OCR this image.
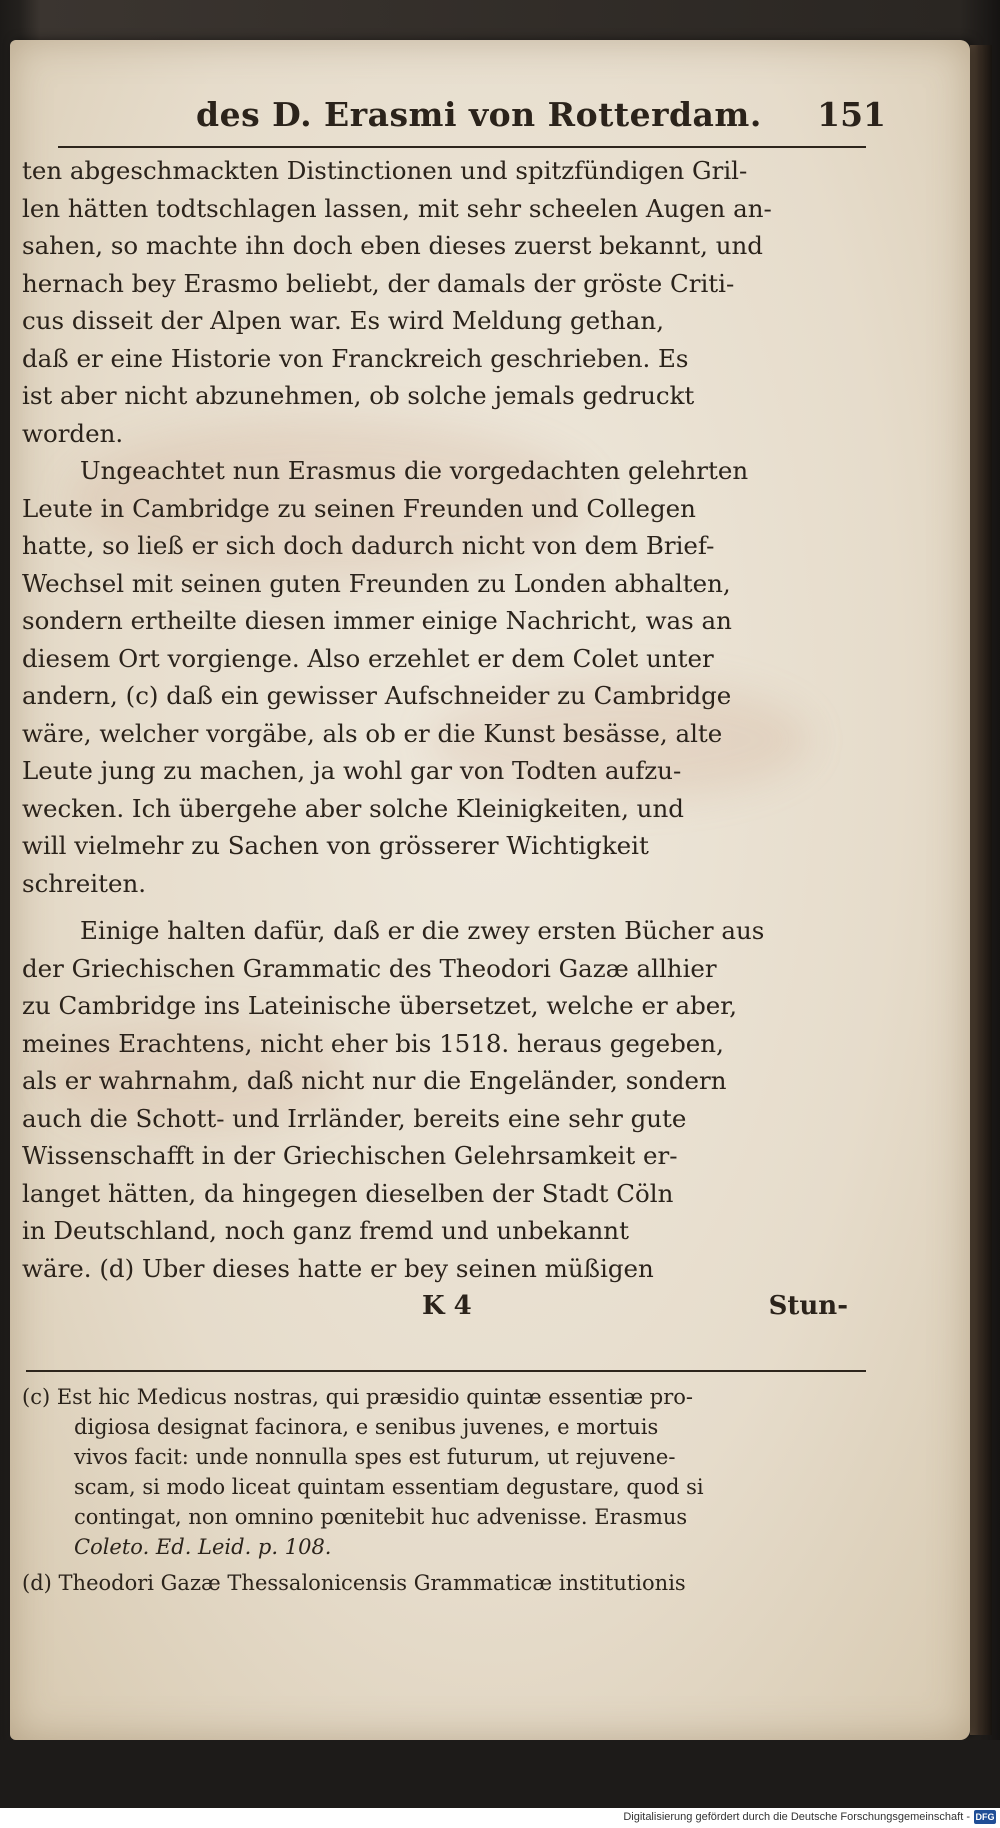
des D. Erasmi von Rotterdam. 151
ten abgeschmackten Distinctionen und spitzfündigen Gril-
len hätten todtschlagen lassen, mit sehr scheelen Augen an-
sahen, so machte ihn doch eben dieses zuerst bekannt, und
hernach bey Erasmo beliebt, der damals der gröste Criti-
cus disseit der Alpen war. Es wird Meldung gethan,
daß er eine Historie von Franckreich geschrieben. Es
ist aber nicht abzunehmen, ob solche jemals gedruckt
worden.
Ungeachtet nun Erasmus die vorgedachten gelehrten
Leute in Cambridge zu seinen Freunden und Collegen
hatte, so ließ er sich doch dadurch nicht von dem Brief-
Wechsel mit seinen guten Freunden zu Londen abhalten,
sondern ertheilte diesen immer einige Nachricht, was an
diesem Ort vorgienge. Also erzehlet er dem Colet unter
andern, (c) daß ein gewisser Aufschneider zu Cambridge
wäre, welcher vorgäbe, als ob er die Kunst besässe, alte
Leute jung zu machen, ja wohl gar von Todten aufzu-
wecken. Ich übergehe aber solche Kleinigkeiten, und
will vielmehr zu Sachen von grösserer Wichtigkeit
schreiten.
Einige halten dafür, daß er die zwey ersten Bücher aus
der Griechischen Grammatic des Theodori Gazæ allhier
zu Cambridge ins Lateinische übersetzet, welche er aber,
meines Erachtens, nicht eher bis 1518. heraus gegeben,
als er wahrnahm, daß nicht nur die Engeländer, sondern
auch die Schott- und Irrländer, bereits eine sehr gute
Wissenschafft in der Griechischen Gelehrsamkeit er-
langet hätten, da hingegen dieselben der Stadt Cöln
in Deutschland, noch ganz fremd und unbekannt
wäre. (d) Uber dieses hatte er bey seinen müßigen
K 4	Stun-
(c) Est hic Medicus nostras, qui præsidio quintæ essentiæ pro-
digiosa designat facinora, e senibus juvenes, e mortuis
vivos facit: unde nonnulla spes est futurum, ut rejuvene-
scam, si modo liceat quintam essentiam degustare, quod si
contingat, non omnino pœnitebit huc advenisse. Erasmus
Coleto. Ed. Leid. p. 108.
(d) Theodori Gazæ Thessalonicensis Grammaticæ institutionis
Digitalisierung gefördert durch die Deutsche Forschungsgemeinschaft - DFG
